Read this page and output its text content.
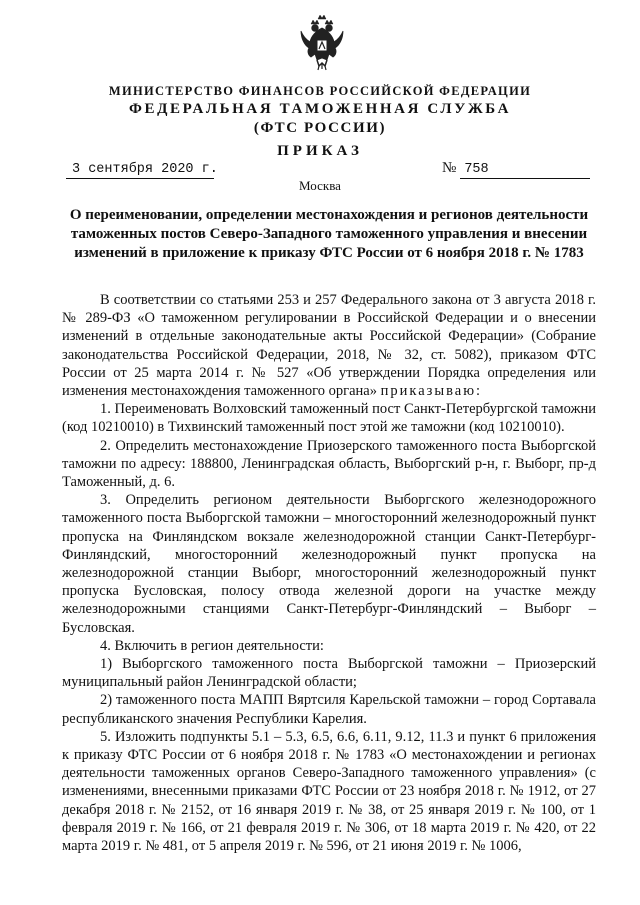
МИНИСТЕРСТВО ФИНАНСОВ РОССИЙСКОЙ ФЕДЕРАЦИИ
ФЕДЕРАЛЬНАЯ ТАМОЖЕННАЯ СЛУЖБА
(ФТС РОССИИ)
ПРИКАЗ
3 сентября 2020 г.	№ 758
Москва
О переименовании, определении местонахождения и регионов деятельности таможенных постов Северо-Западного таможенного управления и внесении изменений в приложение к приказу ФТС России от 6 ноября 2018 г. № 1783

В соответствии со статьями 253 и 257 Федерального закона от 3 августа 2018 г. № 289-ФЗ «О таможенном регулировании в Российской Федерации и о внесении изменений в отдельные законодательные акты Российской Федерации» (Собрание законодательства Российской Федерации, 2018, № 32, ст. 5082), приказом ФТС России от 25 марта 2014 г. № 527 «Об утверждении Порядка определения или изменения местонахождения таможенного органа» приказываю:

1. Переименовать Волховский таможенный пост Санкт-Петербургской таможни (код 10210010) в Тихвинский таможенный пост этой же таможни (код 10210010).

2. Определить местонахождение Приозерского таможенного поста Выборгской таможни по адресу: 188800, Ленинградская область, Выборгский р-н, г. Выборг, пр-д Таможенный, д. 6.

3. Определить регионом деятельности Выборгского железнодорожного таможенного поста Выборгской таможни – многосторонний железнодорожный пункт пропуска на Финляндском вокзале железнодорожной станции Санкт-Петербург-Финляндский, многосторонний железнодорожный пункт пропуска на железнодорожной станции Выборг, многосторонний железнодорожный пункт пропуска Бусловская, полосу отвода железной дороги на участке между железнодорожными станциями Санкт-Петербург-Финляндский – Выборг – Бусловская.

4. Включить в регион деятельности:

1) Выборгского таможенного поста Выборгской таможни – Приозерский муниципальный район Ленинградской области;

2) таможенного поста МАПП Вяртсиля Карельской таможни – город Сортавала республиканского значения Республики Карелия.

5. Изложить подпункты 5.1 – 5.3, 6.5, 6.6, 6.11, 9.12, 11.3 и пункт 6 приложения к приказу ФТС России от 6 ноября 2018 г. № 1783 «О местонахождении и регионах деятельности таможенных органов Северо-Западного таможенного управления» (с изменениями, внесенными приказами ФТС России от 23 ноября 2018 г. № 1912, от 27 декабря 2018 г. № 2152, от 16 января 2019 г. № 38, от 25 января 2019 г. № 100, от 1 февраля 2019 г. № 166, от 21 февраля 2019 г. № 306, от 18 марта 2019 г. № 420, от 22 марта 2019 г. № 481, от 5 апреля 2019 г. № 596, от 21 июня 2019 г. № 1006,
